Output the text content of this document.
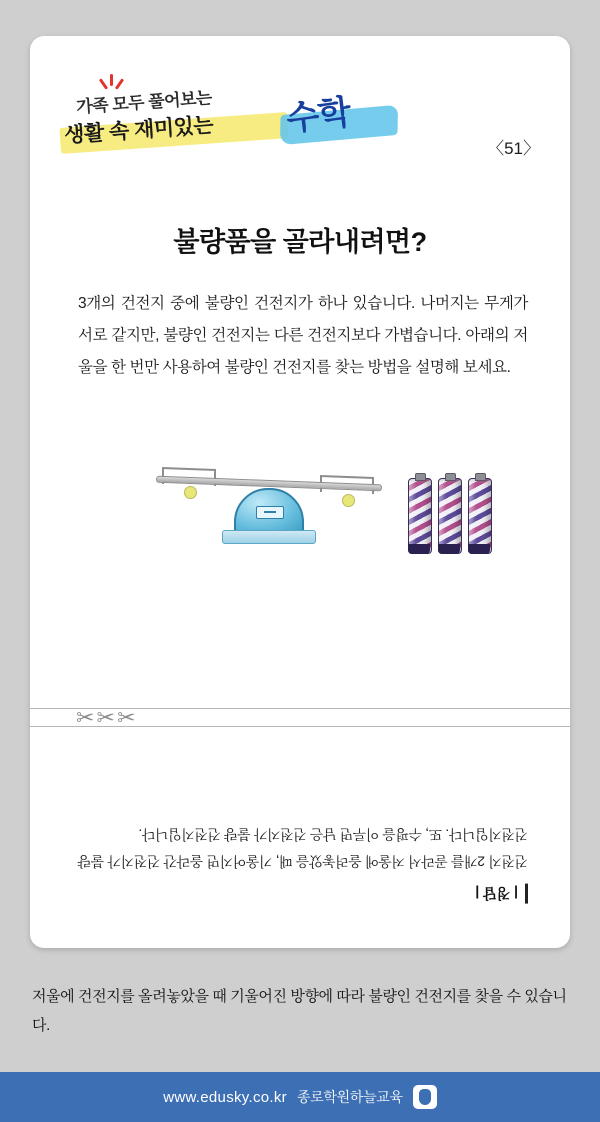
가족 모두 풀어보는
생활 속 재미있는 수학
〈51〉
불량품을 골라내려면?
3개의 건전지 중에 불량인 건전지가 하나 있습니다. 나머지는 무게가 서로 같지만, 불량인 건전지는 다른 건전지보다 가볍습니다. 아래의 저울을 한 번만 사용하여 불량인 건전지를 찾는 방법을 설명해 보세요.
✂ ✂ ✂
| 정답 |
건전지 2개를 골라서 저울에 올려놓았을 때, 기울어지면 올라간 건전지가 불량 건전지입니다. 또, 수평을 이루면 남은 건전지가 불량 건전지입니다.
저울에 건전지를 올려놓았을 때 기울어진 방향에 따라 불량인 건전지를 찾을 수 있습니다.
www.edusky.co.kr 종로학원하늘교육
